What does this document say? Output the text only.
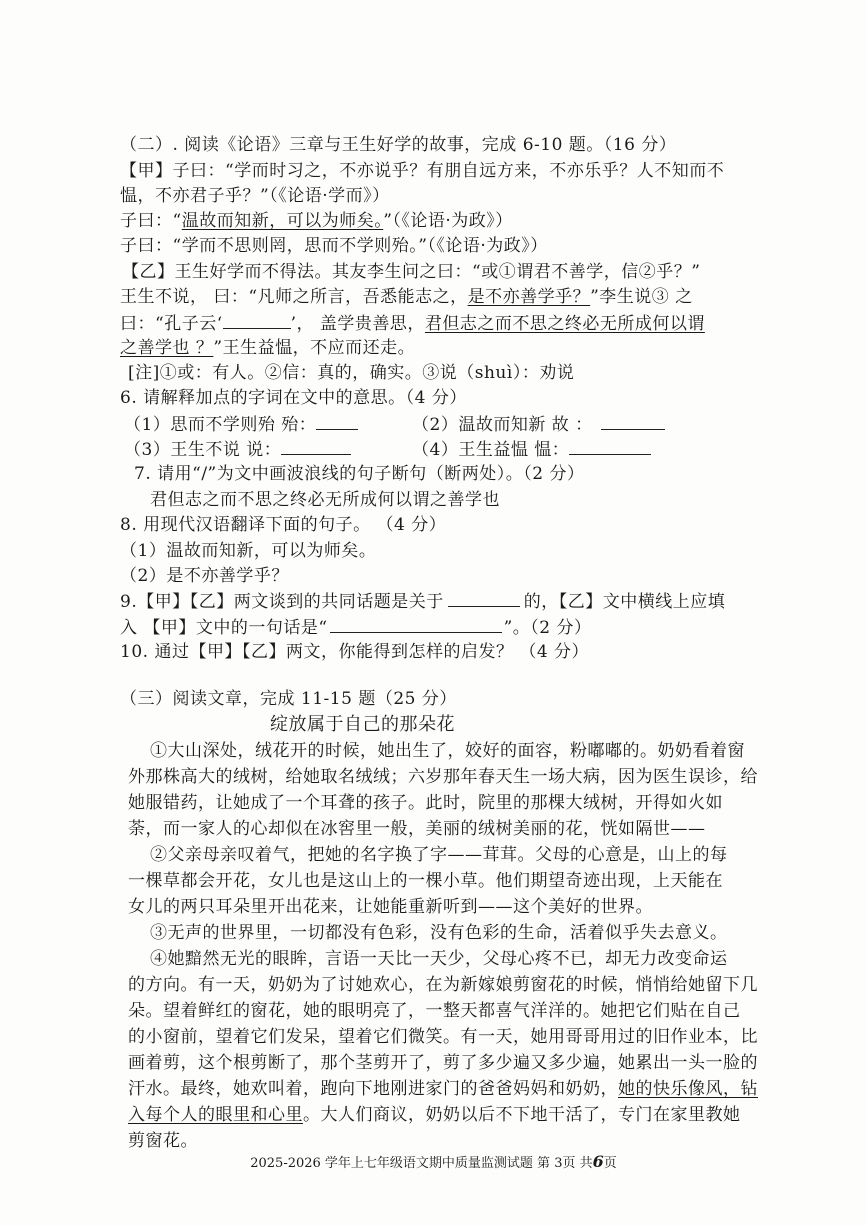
（二）. 阅读《论语》三章与王生好学的故事，完成 6-10 题。（16 分）
【甲】子曰：“学而时习之，不亦说乎？有朋自远方来，不亦乐乎？人不知而不
愠，不亦君子乎？”（《论语·学而》）
子曰：“温故而知新，可以为师矣。”（《论语·为政》）
子曰：“学而不思则罔，思而不学则殆。”（《论语·为政》）
【乙】王生好学而不得法。其友李生问之曰：“或①谓君不善学，信②乎？”
王生不说， 曰：“凡师之所言，吾悉能志之，是不亦善学乎？”李生说③ 之
曰：“孔子云‘	’， 盖学贵善思，君但志之而不思之终必无所成何以谓
之善学也 ？”王生益愠，不应而还走。
[注]①或：有人。②信：真的，确实。③说（shuì）：劝说
6. 请解释加点的字词在文中的意思。（4 分）
（1）思而不学则殆 殆：	（2）温故而知新 故 ：
（3）王生不说 说：	（4）王生益愠 愠：
7. 请用“/”为文中画波浪线的句子断句（断两处）。（2 分）
君但志之而不思之终必无所成何以谓之善学也
8. 用现代汉语翻译下面的句子。 （4 分）
（1）温故而知新，可以为师矣。
（2）是不亦善学乎？
9.【甲】【乙】两文谈到的共同话题是关于	的，【乙】文中横线上应填
入 【甲】文中的一句话是“	”。（2 分）
10. 通过【甲】【乙】两文，你能得到怎样的启发？ （4 分）
（三）阅读文章，完成 11-15 题（25 分）
绽放属于自己的那朵花
①大山深处，绒花开的时候，她出生了，姣好的面容，粉嘟嘟的。奶奶看着窗
外那株高大的绒树，给她取名绒绒；六岁那年春天生一场大病，因为医生误诊，给
她服错药，让她成了一个耳聋的孩子。此时，院里的那棵大绒树，开得如火如
荼，而一家人的心却似在冰窖里一般，美丽的绒树美丽的花，恍如隔世——
②父亲母亲叹着气，把她的名字换了字——茸茸。父母的心意是，山上的每
一棵草都会开花，女儿也是这山上的一棵小草。他们期望奇迹出现，上天能在
女儿的两只耳朵里开出花来，让她能重新听到——这个美好的世界。
③无声的世界里，一切都没有色彩，没有色彩的生命，活着似乎失去意义。
④她黯然无光的眼眸，言语一天比一天少，父母心疼不已，却无力改变命运
的方向。有一天，奶奶为了讨她欢心，在为新嫁娘剪窗花的时候，悄悄给她留下几
朵。望着鲜红的窗花，她的眼明亮了，一整天都喜气洋洋的。她把它们贴在自己
的小窗前，望着它们发呆，望着它们微笑。有一天，她用哥哥用过的旧作业本，比
画着剪，这个根剪断了，那个茎剪开了，剪了多少遍又多少遍，她累出一头一脸的
汗水。最终，她欢叫着，跑向下地刚进家门的爸爸妈妈和奶奶，她的快乐像风，钻
入每个人的眼里和心里。大人们商议，奶奶以后不下地干活了，专门在家里教她
剪窗花。
2025-2026 学年上七年级语文期中质量监测试题 第 3页 共6页
